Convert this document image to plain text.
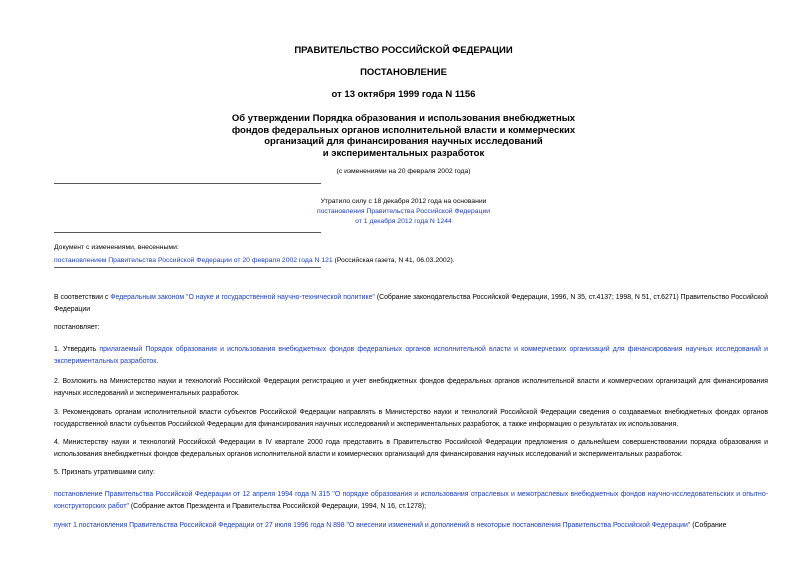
ПРАВИТЕЛЬСТВО РОССИЙСКОЙ ФЕДЕРАЦИИ
ПОСТАНОВЛЕНИЕ
от 13 октября 1999 года N 1156
Об утверждении Порядка образования и использования внебюджетных
фондов федеральных органов исполнительной власти и коммерческих
организаций для финансирования научных исследований
и экспериментальных разработок
(с изменениями на 20 февраля 2002 года)
Утратило силу с 18 декабря 2012 года на основании
постановления Правительства Российской Федерации
от 1 декабря 2012 года N 1244
Документ с изменениями, внесенными:
постановлением Правительства Российской Федерации от 20 февраля 2002 года N 121 (Российская газета, N 41, 06.03.2002).

В соответствии с Федеральным законом "О науке и государственной научно-технической политике" (Собрание законодательства Российской Федерации, 1996, N 35, ст.4137; 1998, N 51, ст.6271) Правительство Российской Федерации

постановляет:

1. Утвердить прилагаемый Порядок образования и использования внебюджетных фондов федеральных органов исполнительной власти и коммерческих организаций для финансирования научных исследований и экспериментальных разработок.

2. Возложить на Министерство науки и технологий Российской Федерации регистрацию и учет внебюджетных фондов федеральных органов исполнительной власти и коммерческих организаций для финансирования научных исследований и экспериментальных разработок.

3. Рекомендовать органам исполнительной власти субъектов Российской Федерации направлять в Министерство науки и технологий Российской Федерации сведения о создаваемых внебюджетных фондах органов государственной власти субъектов Российской Федерации для финансирования научных исследований и экспериментальных разработок, а также информацию о результатах их использования.

4. Министерству науки и технологий Российской Федерации в IV квартале 2000 года представить в Правительство Российской Федерации предложения о дальнейшем совершенствовании порядка образования и использования внебюджетных фондов федеральных органов исполнительной власти и коммерческих организаций для финансирования научных исследований и экспериментальных разработок.

5. Признать утратившими силу:

постановление Правительства Российской Федерации от 12 апреля 1994 года N 315 "О порядке образования и использования отраслевых и межотраслевых внебюджетных фондов научно-исследовательских и опытно-конструкторских работ" (Собрание актов Президента и Правительства Российской Федерации, 1994, N 16, ст.1278);

пункт 1 постановления Правительства Российской Федерации от 27 июля 1996 года N 898 "О внесении изменений и дополнений в некоторые постановления Правительства Российской Федерации" (Собрание
